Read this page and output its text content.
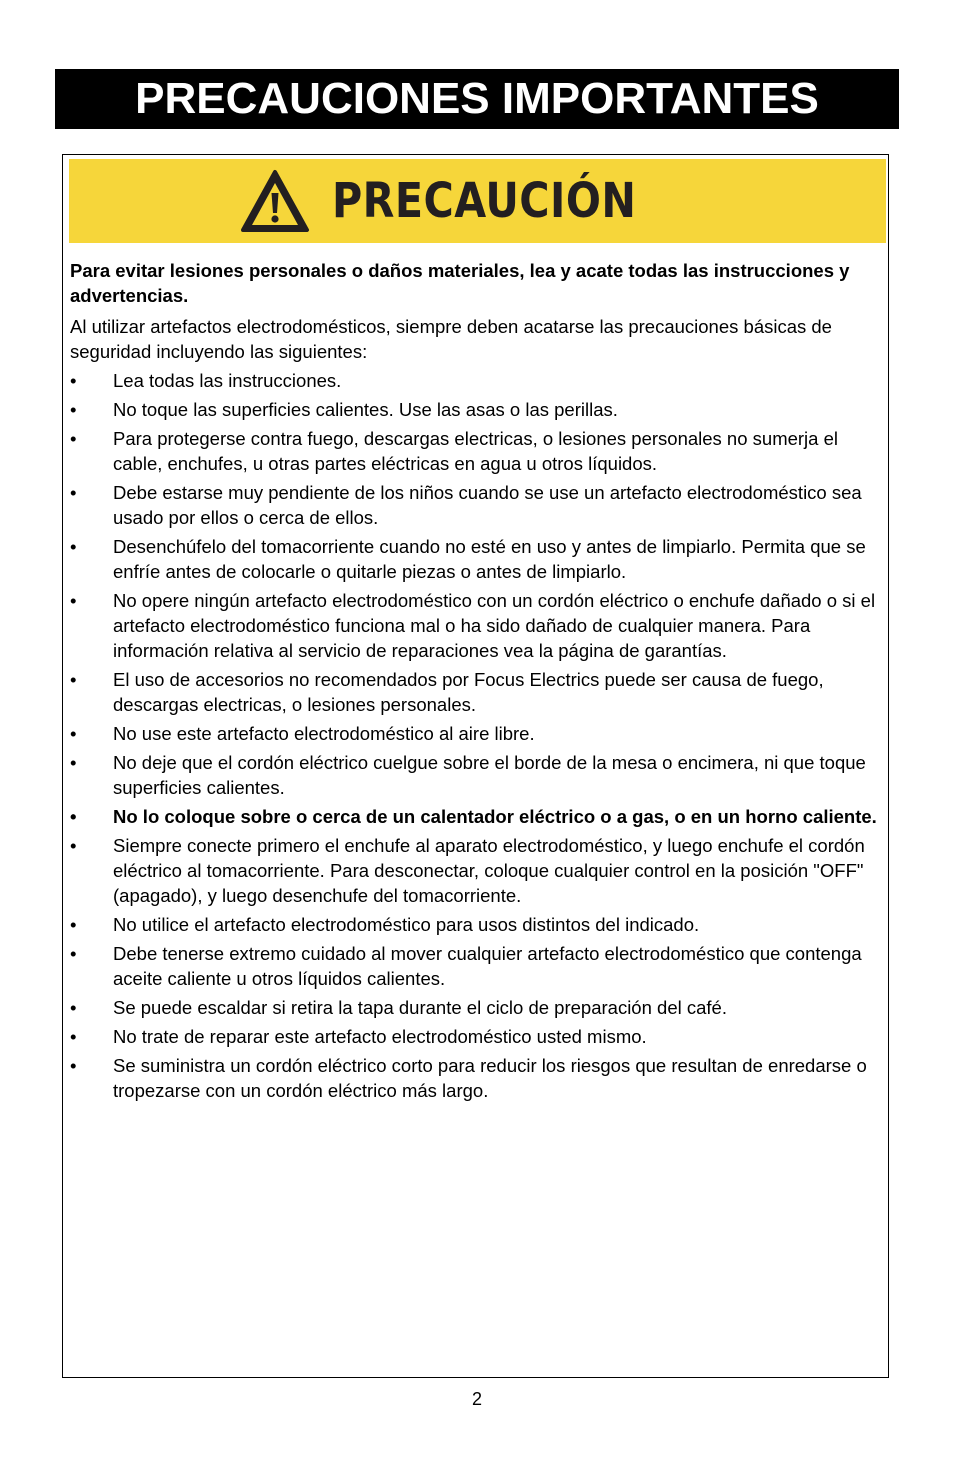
PRECAUCIONES IMPORTANTES
PRECAUCIÓN

Para evitar lesiones personales o daños materiales, lea y acate todas las instrucciones y advertencias.

Al utilizar artefactos electrodomésticos, siempre deben acatarse las precauciones básicas de seguridad incluyendo las siguientes:

• Lea todas las instrucciones.
• No toque las superficies calientes. Use las asas o las perillas.
• Para protegerse contra fuego, descargas electricas, o lesiones personales no sumerja el cable, enchufes, u otras partes eléctricas en agua u otros líquidos.
• Debe estarse muy pendiente de los niños cuando se use un artefacto electrodoméstico sea usado por ellos o cerca de ellos.
• Desenchúfelo del tomacorriente cuando no esté en uso y antes de limpiarlo. Permita que se enfríe antes de colocarle o quitarle piezas o antes de limpiarlo.
• No opere ningún artefacto electrodoméstico con un cordón eléctrico o enchufe dañado o si el artefacto electrodoméstico funciona mal o ha sido dañado de cualquier manera. Para información relativa al servicio de reparaciones vea la página de garantías.
• El uso de accesorios no recomendados por Focus Electrics puede ser causa de fuego, descargas electricas, o lesiones personales.
• No use este artefacto electrodoméstico al aire libre.
• No deje que el cordón eléctrico cuelgue sobre el borde de la mesa o encimera, ni que toque superficies calientes.
• No lo coloque sobre o cerca de un calentador eléctrico o a gas, o en un horno caliente.
• Siempre conecte primero el enchufe al aparato electrodoméstico, y luego enchufe el cordón eléctrico al tomacorriente. Para desconectar, coloque cualquier control en la posición "OFF" (apagado), y luego desenchufe del tomacorriente.
• No utilice el artefacto electrodoméstico para usos distintos del indicado.
• Debe tenerse extremo cuidado al mover cualquier artefacto electrodoméstico que contenga aceite caliente u otros líquidos calientes.
• Se puede escaldar si retira la tapa durante el ciclo de preparación del café.
• No trate de reparar este artefacto electrodoméstico usted mismo.
• Se suministra un cordón eléctrico corto para reducir los riesgos que resultan de enredarse o tropezarse con un cordón eléctrico más largo.
2
